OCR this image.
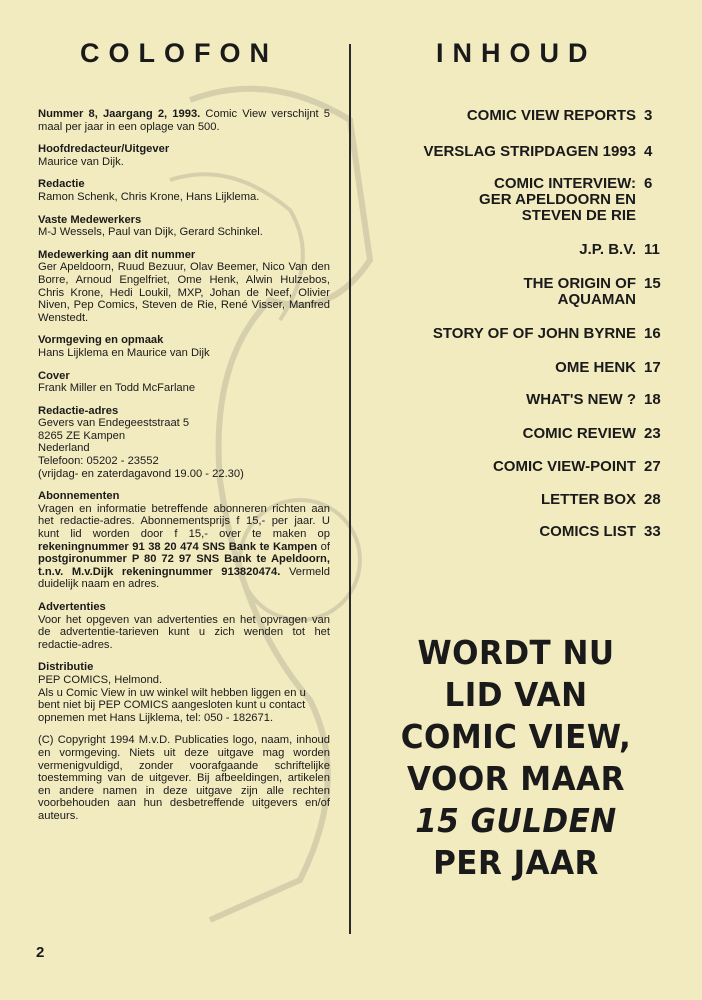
COLOFON
Nummer 8, Jaargang 2, 1993. Comic View verschijnt 5 maal per jaar in een oplage van 500.
Hoofdredacteur/Uitgever
Maurice van Dijk.
Redactie
Ramon Schenk, Chris Krone, Hans Lijklema.
Vaste Medewerkers
M-J Wessels, Paul van Dijk, Gerard Schinkel.
Medewerking aan dit nummer
Ger Apeldoorn, Ruud Bezuur, Olav Beemer, Nico Van den Borre, Arnoud Engelfriet, Ome Henk, Alwin Hulzebos, Chris Krone, Hedi Loukil, MXP, Johan de Neef, Olivier Niven, Pep Comics, Steven de Rie, René Visser, Manfred Wenstedt.
Vormgeving en opmaak
Hans Lijklema en Maurice van Dijk
Cover
Frank Miller en Todd McFarlane
Redactie-adres
Gevers van Endegeeststraat 5
8265 ZE Kampen
Nederland
Telefoon: 05202 - 23552
(vrijdag- en zaterdagavond 19.00 - 22.30)
Abonnementen
Vragen en informatie betreffende abonneren richten aan het redactie-adres. Abonnementsprijs f 15,- per jaar. U kunt lid worden door f 15,- over te maken op rekeningnummer 91 38 20 474 SNS Bank te Kampen of postgironummer P 80 72 97 SNS Bank te Apeldoorn, t.n.v. M.v.Dijk rekeningnummer 913820474. Vermeld duidelijk naam en adres.
Advertenties
Voor het opgeven van advertenties en het opvragen van de advertentie-tarieven kunt u zich wenden tot het redactie-adres.
Distributie
PEP COMICS, Helmond.
Als u Comic View in uw winkel wilt hebben liggen en u bent niet bij PEP COMICS aangesloten kunt u contact opnemen met Hans Lijklema, tel: 050 - 182671.
(C) Copyright 1994 M.v.D. Publicaties logo, naam, inhoud en vormgeving. Niets uit deze uitgave mag worden vermenigvuldigd, zonder voorafgaande schriftelijke toestemming van de uitgever. Bij afbeeldingen, artikelen en andere namen in deze uitgave zijn alle rechten voorbehouden aan hun desbetreffende uitgevers en/of auteurs.
2
INHOUD
COMIC VIEW REPORTS 3
VERSLAG STRIPDAGEN 1993 4
COMIC INTERVIEW:
GER APELDOORN EN
STEVEN DE RIE
6
J.P. B.V. 11
THE ORIGIN OF
AQUAMAN
15
STORY OF OF JOHN BYRNE 16
OME HENK 17
WHAT'S NEW ? 18
COMIC REVIEW 23
COMIC VIEW-POINT 27
LETTER BOX 28
COMICS LIST 33
WORDT NU
LID VAN
COMIC VIEW,
VOOR MAAR
15 GULDEN
PER JAAR
